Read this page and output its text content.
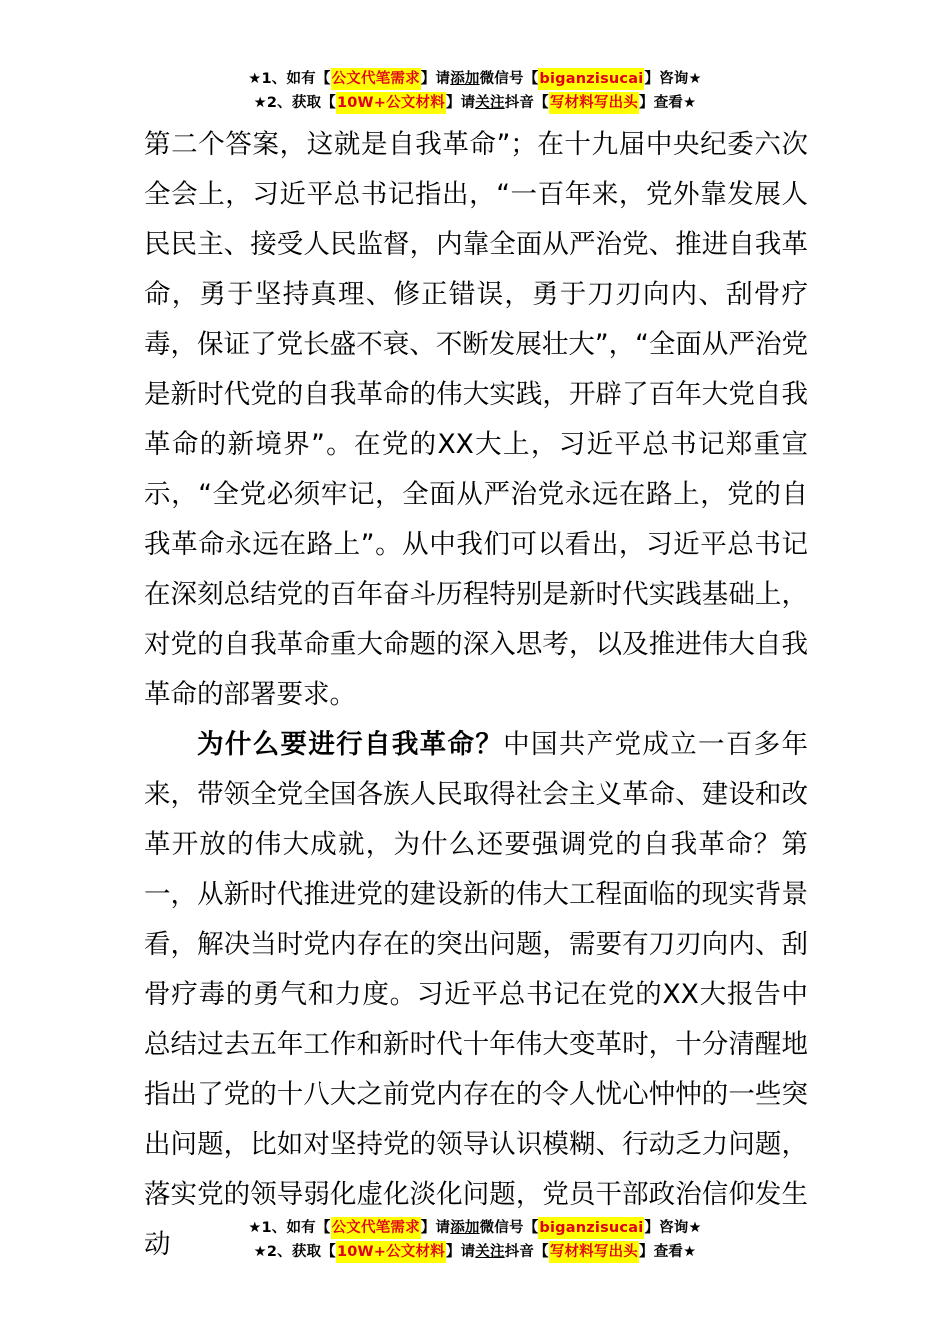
★1、如有【公文代笔需求】请添加微信号【biganzisucai】咨询★
★2、获取【10W+公文材料】请关注抖音【写材料写出头】查看★

第二个答案，这就是自我革命”；在十九届中央纪委六次全会上，习近平总书记指出，“一百年来，党外靠发展人民民主、接受人民监督，内靠全面从严治党、推进自我革命，勇于坚持真理、修正错误，勇于刀刃向内、刮骨疗毒，保证了党长盛不衰、不断发展壮大”，“全面从严治党是新时代党的自我革命的伟大实践，开辟了百年大党自我革命的新境界”。在党的XX大上，习近平总书记郑重宣示，“全党必须牢记，全面从严治党永远在路上，党的自我革命永远在路上”。从中我们可以看出，习近平总书记在深刻总结党的百年奋斗历程特别是新时代实践基础上，对党的自我革命重大命题的深入思考，以及推进伟大自我革命的部署要求。

为什么要进行自我革命？中国共产党成立一百多年来，带领全党全国各族人民取得社会主义革命、建设和改革开放的伟大成就，为什么还要强调党的自我革命？第一，从新时代推进党的建设新的伟大工程面临的现实背景看，解决当时党内存在的突出问题，需要有刀刃向内、刮骨疗毒的勇气和力度。习近平总书记在党的XX大报告中总结过去五年工作和新时代十年伟大变革时，十分清醒地指出了党的十八大之前党内存在的令人忧心忡忡的一些突出问题，比如对坚持党的领导认识模糊、行动乏力问题，落实党的领导弱化虚化淡化问题，党员干部政治信仰发生动

★1、如有【公文代笔需求】请添加微信号【biganzisucai】咨询★
★2、获取【10W+公文材料】请关注抖音【写材料写出头】查看★
